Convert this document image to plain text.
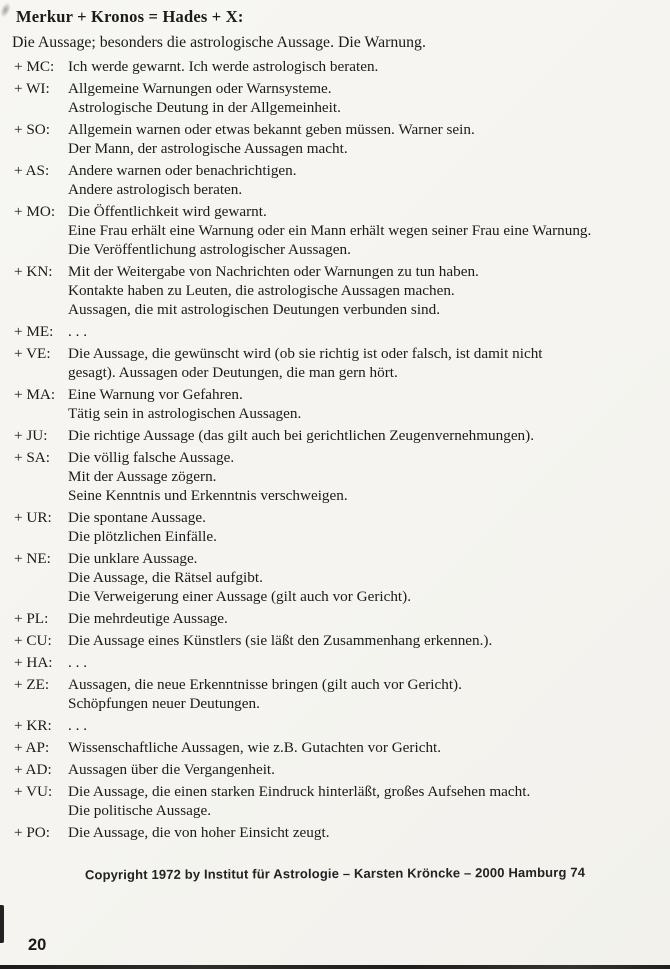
Merkur + Kronos = Hades + X:

Die Aussage; besonders die astrologische Aussage. Die Warnung.

+ MC: Ich werde gewarnt. Ich werde astrologisch beraten.
+ WI:	Allgemeine Warnungen oder Warnsysteme.
Astrologische Deutung in der Allgemeinheit.
+ SO:	Allgemein warnen oder etwas bekannt geben müssen. Warner sein.
Der Mann, der astrologische Aussagen macht.
+ AS:	Andere warnen oder benachrichtigen.
Andere astrologisch beraten.
+ MO: Die Öffentlichkeit wird gewarnt.
Eine Frau erhält eine Warnung oder ein Mann erhält wegen seiner Frau eine Warnung.
Die Veröffentlichung astrologischer Aussagen.
+ KN:	Mit der Weitergabe von Nachrichten oder Warnungen zu tun haben.
Kontakte haben zu Leuten, die astrologische Aussagen machen.
Aussagen, die mit astrologischen Deutungen verbunden sind.
+ ME: . . .
+ VE:	Die Aussage, die gewünscht wird (ob sie richtig ist oder falsch, ist damit nicht
gesagt). Aussagen oder Deutungen, die man gern hört.
+ MA: Eine Warnung vor Gefahren.
Tätig sein in astrologischen Aussagen.
+ JU:	Die richtige Aussage (das gilt auch bei gerichtlichen Zeugenvernehmungen).
+ SA:	Die völlig falsche Aussage.
Mit der Aussage zögern.
Seine Kenntnis und Erkenntnis verschweigen.
+ UR:	Die spontane Aussage.
Die plötzlichen Einfälle.
+ NE:	Die unklare Aussage.
Die Aussage, die Rätsel aufgibt.
Die Verweigerung einer Aussage (gilt auch vor Gericht).
+ PL:	Die mehrdeutige Aussage.
+ CU:	Die Aussage eines Künstlers (sie läßt den Zusammenhang erkennen.).
+ HA:	. . .
+ ZE:	Aussagen, die neue Erkenntnisse bringen (gilt auch vor Gericht).
Schöpfungen neuer Deutungen.
+ KR:	. . .
+ AP:	Wissenschaftliche Aussagen, wie z.B. Gutachten vor Gericht.
+ AD:	Aussagen über die Vergangenheit.
+ VU:	Die Aussage, die einen starken Eindruck hinterläßt, großes Aufsehen macht.
Die politische Aussage.
+ PO:	Die Aussage, die von hoher Einsicht zeugt.
Copyright 1972 by Institut für Astrologie – Karsten Kröncke – 2000 Hamburg 74
20
